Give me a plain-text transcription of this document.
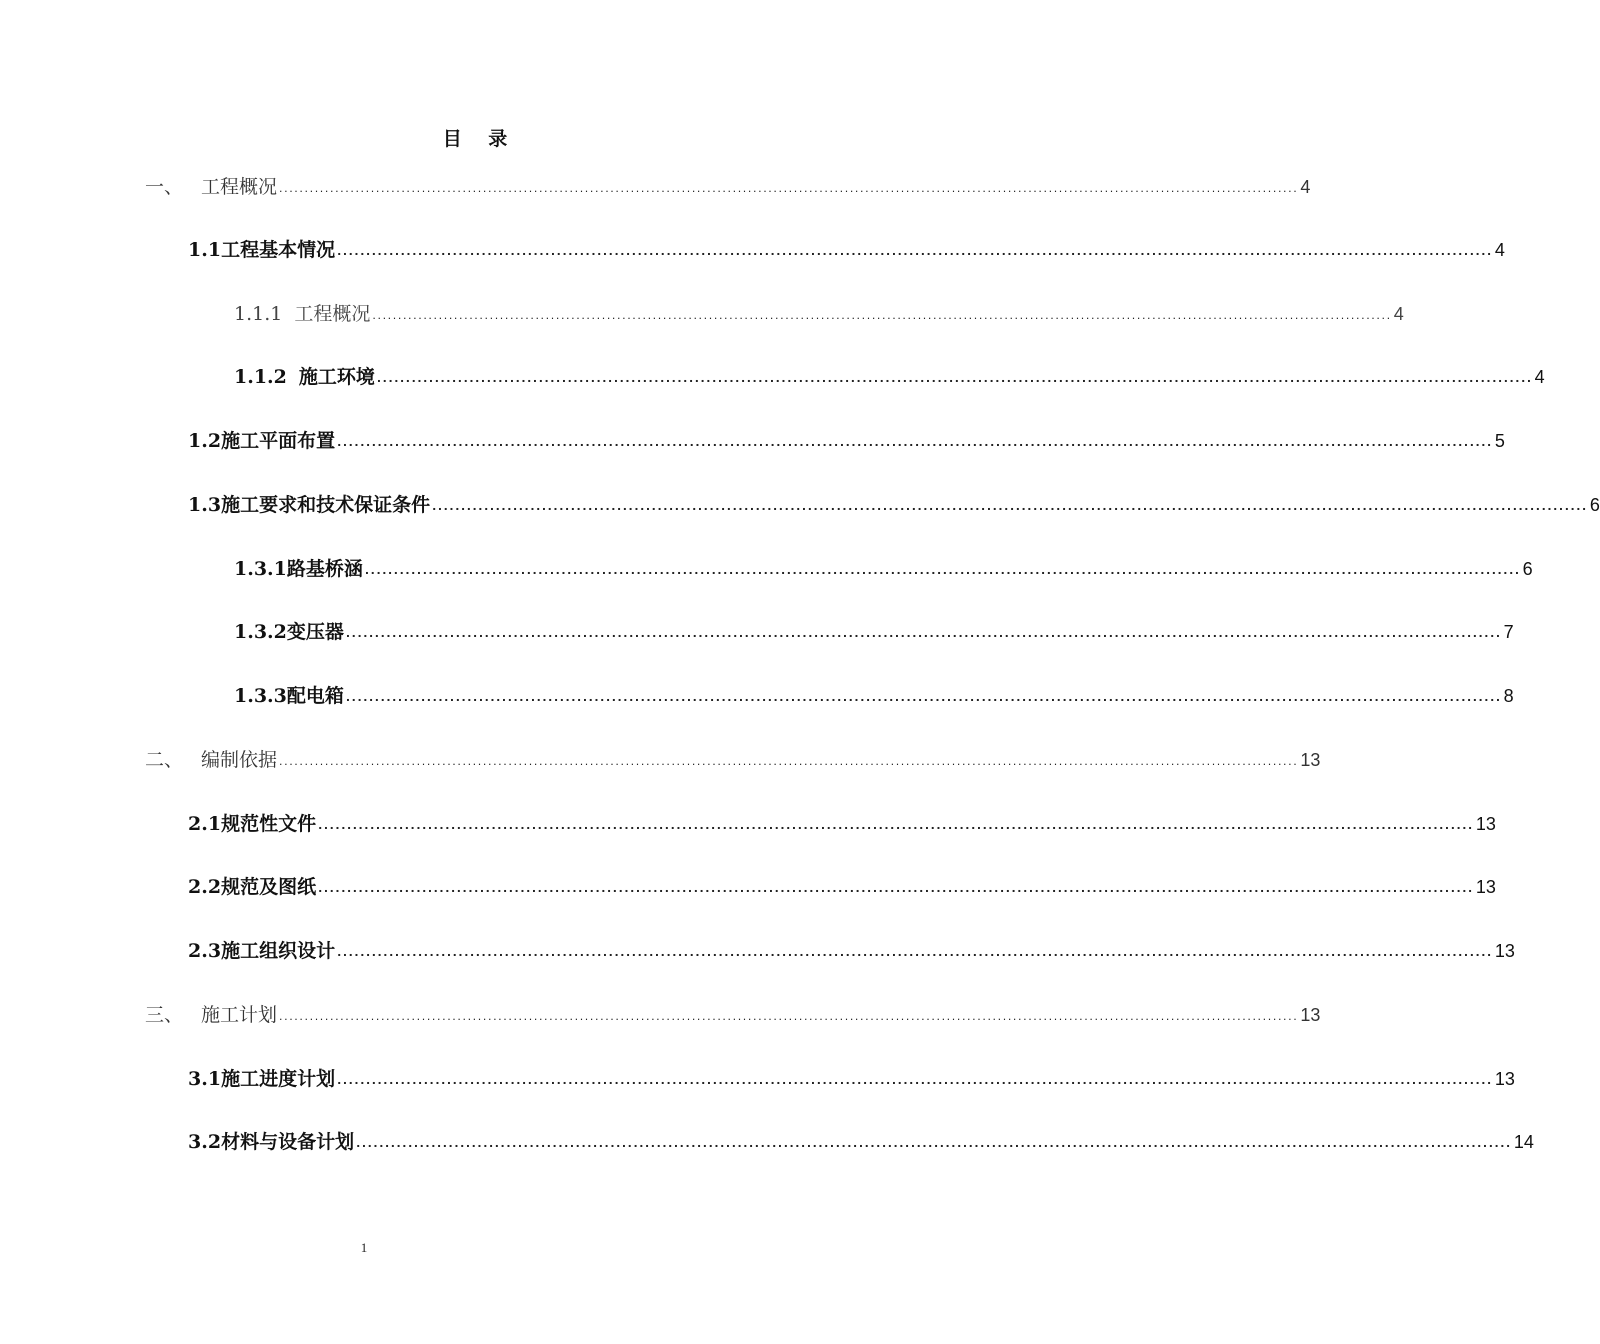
目 录
一、 工程概况 ........................................................................................................................................................................................................ 4
1.1 工程基本情况 ........................................................................................................................................................................................................ 4
1.1.1 工程概况 ........................................................................................................................................................................................................ 4
1.1.2 施工环境 ........................................................................................................................................................................................................ 4
1.2 施工平面布置 ........................................................................................................................................................................................................ 5
1.3 施工要求和技术保证条件 ........................................................................................................................................................................................................ 6
1.3.1 路基桥涵 ........................................................................................................................................................................................................ 6
1.3.2 变压器 ........................................................................................................................................................................................................ 7
1.3.3 配电箱 ........................................................................................................................................................................................................ 8
二、 编制依据 ........................................................................................................................................................................................................ 13
2.1 规范性文件 ........................................................................................................................................................................................................ 13
2.2 规范及图纸 ........................................................................................................................................................................................................ 13
2.3 施工组织设计 ........................................................................................................................................................................................................ 13
三、 施工计划 ........................................................................................................................................................................................................ 13
3.1 施工进度计划 ........................................................................................................................................................................................................ 13
3.2 材料与设备计划 ........................................................................................................................................................................................................ 14
1
